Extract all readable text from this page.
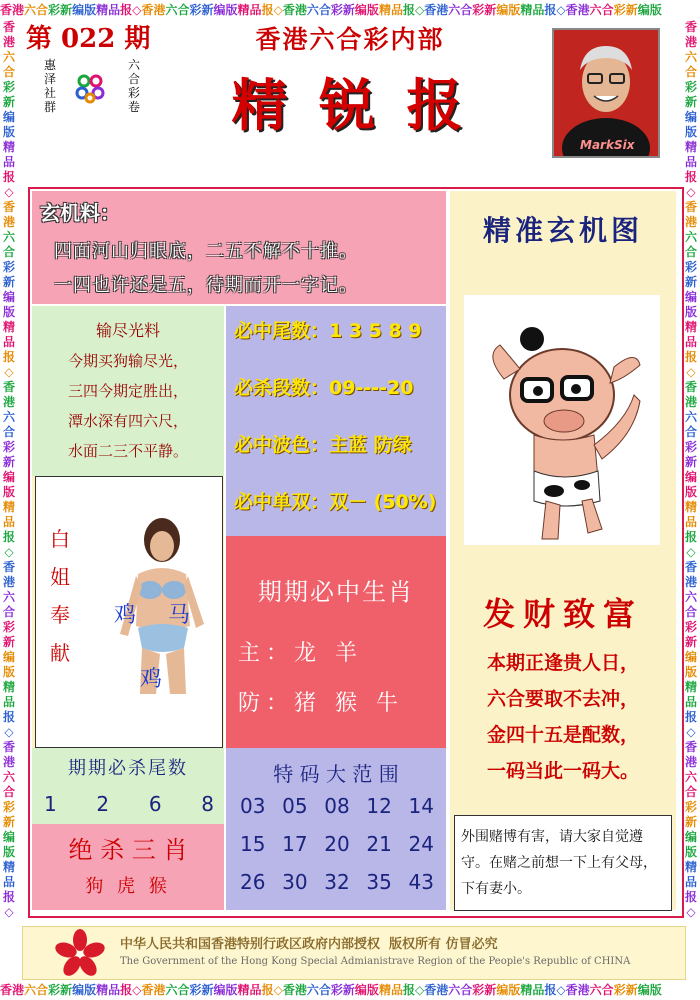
香港六合彩新编版精品报◇香港六合彩新编版精品报◇香港六合彩新编版精品报◇香港六合彩新编版精品报◇香港六合彩新编版
香港六合彩新编版精品报◇香港六合彩新编版精品报◇香港六合彩新编版精品报◇香港六合彩新编版精品报◇香港六合彩新编版
香港六合彩新编版精品报◇香港六合彩新编版精品报◇香港六合彩新编版精品报◇香港六合彩新编版精品报◇香港六合彩新编版精品报◇
香港六合彩新编版精品报◇香港六合彩新编版精品报◇香港六合彩新编版精品报◇香港六合彩新编版精品报◇香港六合彩新编版精品报◇
第 022 期
惠
泽
社
群
六
合
彩
卷
香港六合彩内部
精 锐 报
MarkSix
玄机料：
四面河山归眼底，二五不解不十推。
一四也许还是五，待期而开一字记。
输尽光料
今期买狗输尽光，
三四今期定胜出，
潭水深有四六尺，
水面二三不平静。
必中尾数：1 3 5 8 9
必杀段数：09----20
必中波色：主蓝 防绿
必中单双：双－ (50%)
白
姐
奉
献
鸡 马
鸡
期期必中生肖
主：龙 羊
防：猪 猴 牛
期期必杀尾数
1 2 6 8
绝 杀 三 肖
狗 虎 猴
特 码 大 范 围
03 05 08 12 14
15 17 20 21 24
26 30 32 35 43
精准玄机图
发财致富
本期正逢贵人日，
六合要取不去冲，
金四十五是配数，
一码当此一码大。
外围赌博有害，请大家自觉遵守。在赌之前想一下上有父母，下有妻小。
中华人民共和国香港特别行政区政府内部授权  版权所有 仿冒必究
The Government of the Hong Kong Special Admianistrave Region of the People's Republic of CHINA
